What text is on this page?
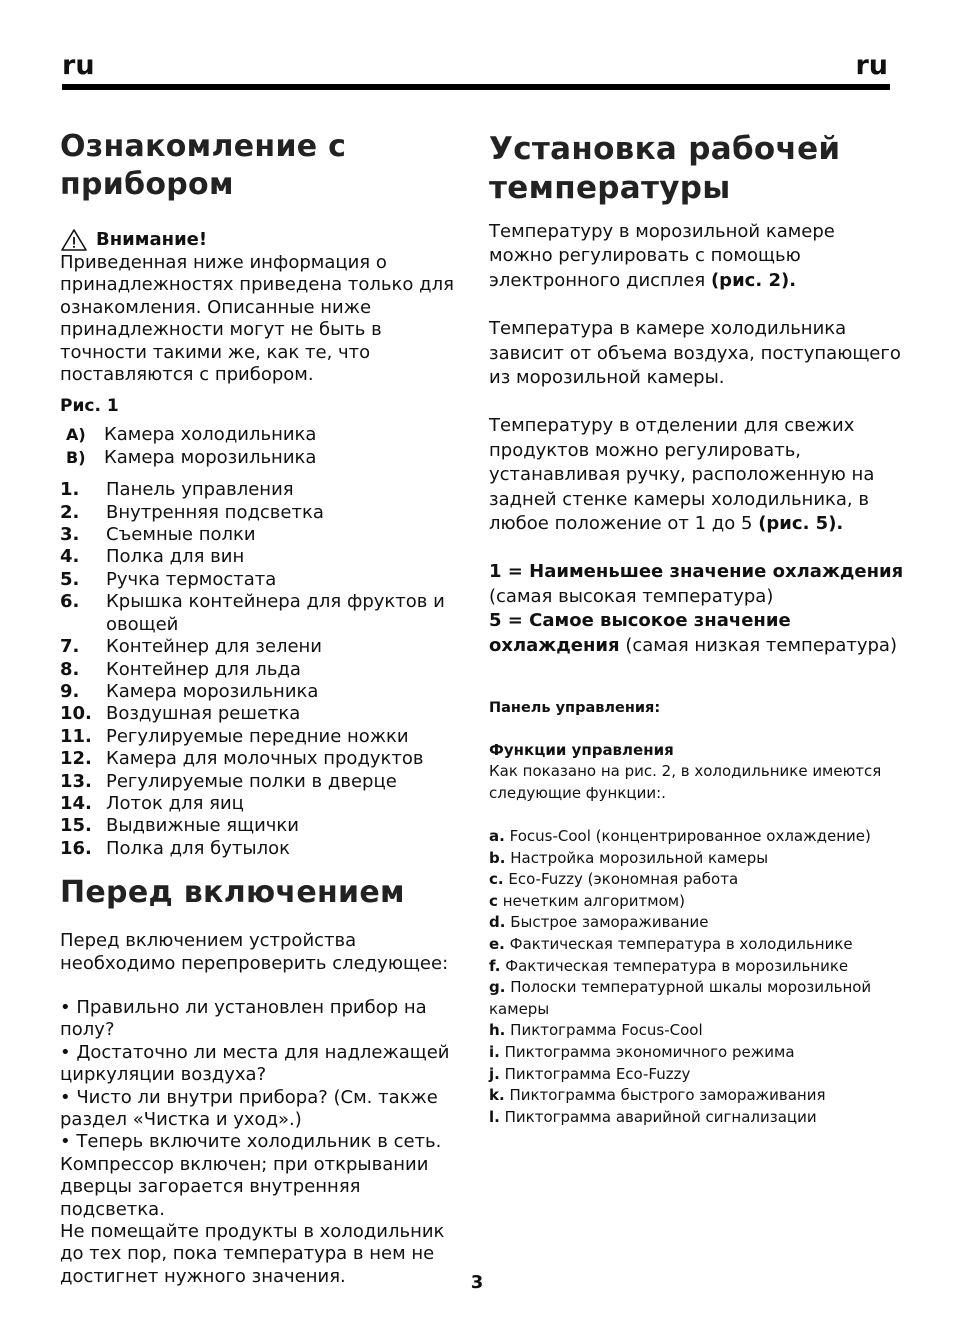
ru	ru
Ознакомление с прибором
Внимание!

Приведенная ниже информация о принадлежностях приведена только для ознакомления. Описанные ниже принадлежности могут не быть в точности такими же, как те, что поставляются с прибором.

Рис. 1
A)	Камера холодильника
B)	Камера морозильника
1.	Панель управления
2.	Внутренняя подсветка
3.	Съемные полки
4.	Полка для вин
5.	Ручка термостата
6.	Крышка контейнера для фруктов и овощей
7.	Контейнер для зелени
8.	Контейнер для льда
9.	Камера морозильника
10. Воздушная решетка
11. Регулируемые передние ножки
12. Камера для молочных продуктов
13. Регулируемые полки в дверце
14. Лоток для яиц
15. Выдвижные ящички
16. Полка для бутылок
Перед включением

Перед включением устройства необходимо перепроверить следующее:

• Правильно ли установлен прибор на полу?

• Достаточно ли места для надлежащей циркуляции воздуха?

• Чисто ли внутри прибора? (См. также раздел «Чистка и уход».)

• Теперь включите холодильник в сеть. Компрессор включен; при открывании дверцы загорается внутренняя подсветка.

Не помещайте продукты в холодильник до тех пор, пока температура в нем не достигнет нужного значения.

Установка рабочей температуры

Температуру в морозильной камере можно регулировать с помощью электронного дисплея (рис. 2).

Температура в камере холодильника зависит от объема воздуха, поступающего из морозильной камеры.

Температуру в отделении для свежих продуктов можно регулировать, устанавливая ручку, расположенную на задней стенке камеры холодильника, в любое положение от 1 до 5 (рис. 5).

1 = Наименьшее значение охлаждения
(самая высокая температура)

5 = Самое высокое значение охлаждения (самая низкая температура)

Панель управления:
Функции управления

Как показано на рис. 2, в холодильнике имеются следующие функции:.

a. Focus-Cool (концентрированное охлаждение)
b. Настройка морозильной камеры
c. Eco-Fuzzy (экономная работа
с нечетким алгоритмом)
d. Быстрое замораживание
e. Фактическая температура в холодильнике
f. Фактическая температура в морозильнике
g. Полоски температурной шкалы морозильной камеры
h. Пиктограмма Focus-Cool
i. Пиктограмма экономичного режима
j. Пиктограмма Eco-Fuzzy
k. Пиктограмма быстрого замораживания
l. Пиктограмма аварийной сигнализации
3
